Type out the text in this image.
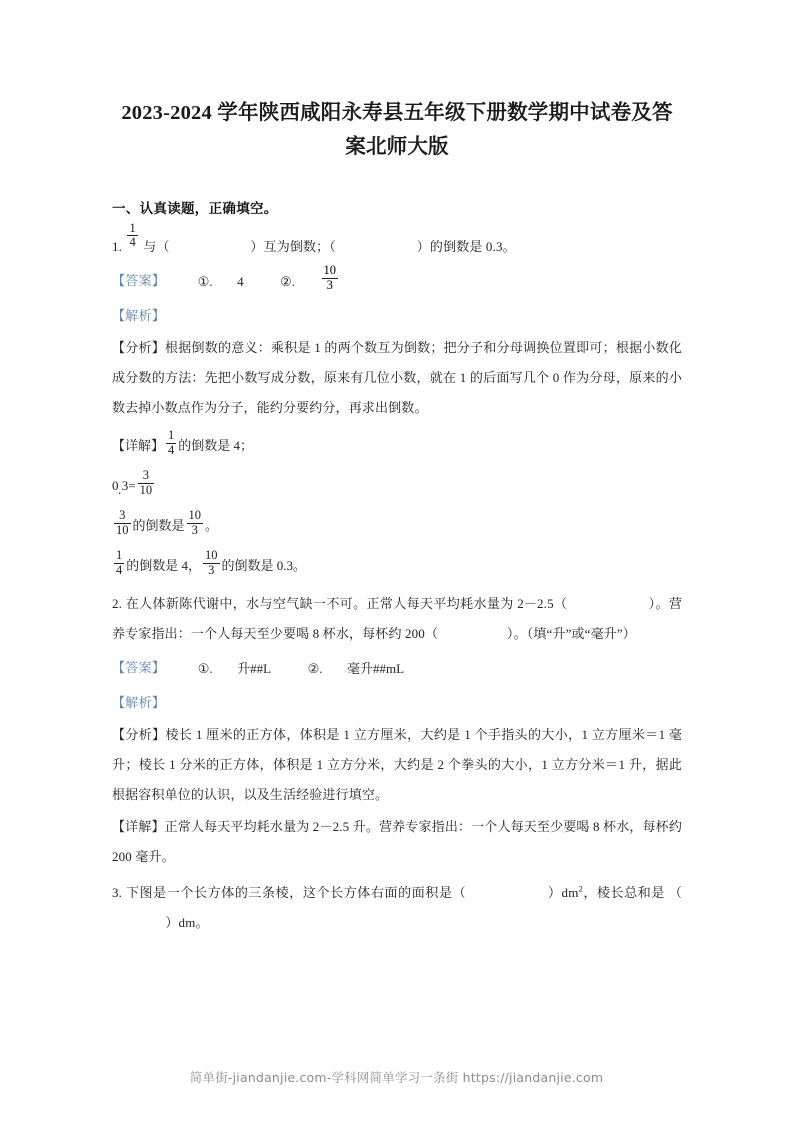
2023-2024 学年陕西咸阳永寿县五年级下册数学期中试卷及答案北师大版
一、认真读题，正确填空。
1. $\frac{1}{4}$ 与（	）互为倒数；（	）的倒数是 0.3。
【答案】	①. 4	②. $\frac{10}{3}$
【解析】
【分析】根据倒数的意义：乘积是 1 的两个数互为倒数；把分子和分母调换位置即可；根据小数化成分数的方法：先把小数写成分数，原来有几位小数，就在 1 的后面写几个 0 作为分母，原来的小数去掉小数点作为分子，能约分要约分，再求出倒数。
【详解】 $\frac{1}{4}$ 的倒数是 4；
$0.3= \frac{3}{10}$
$\frac{3}{10}$ 的倒数是 $\frac{10}{3}$ 。
$\frac{1}{4}$ 的倒数是 4， $\frac{10}{3}$ 的倒数是 0.3。
2. 在人体新陈代谢中，水与空气缺一不可。正常人每天平均耗水量为 2－2.5（	）。营养专家指出：一个人每天至少要喝 8 杯水，每杯约 200（	）。（填“升”或“毫升”）
【答案】	①. 升##L	②. 毫升##mL
【解析】
【分析】棱长 1 厘米的正方体，体积是 1 立方厘米，大约是 1 个手指头的大小，1 立方厘米＝1 毫升；棱长 1 分米的正方体，体积是 1 立方分米，大约是 2 个拳头的大小，1 立方分米＝1 升，据此根据容积单位的认识，以及生活经验进行填空。
【详解】正常人每天平均耗水量为 2－2.5 升。营养专家指出：一个人每天至少要喝 8 杯水，每杯约 200 毫升。
3. 下图是一个长方体的三条棱，这个长方体右面的面积是（	）$dm^2$，棱长总和是 （  ）dm。
简单街-jiandanjie.com-学科网简单学习一条街 https://jiandanjie.com
